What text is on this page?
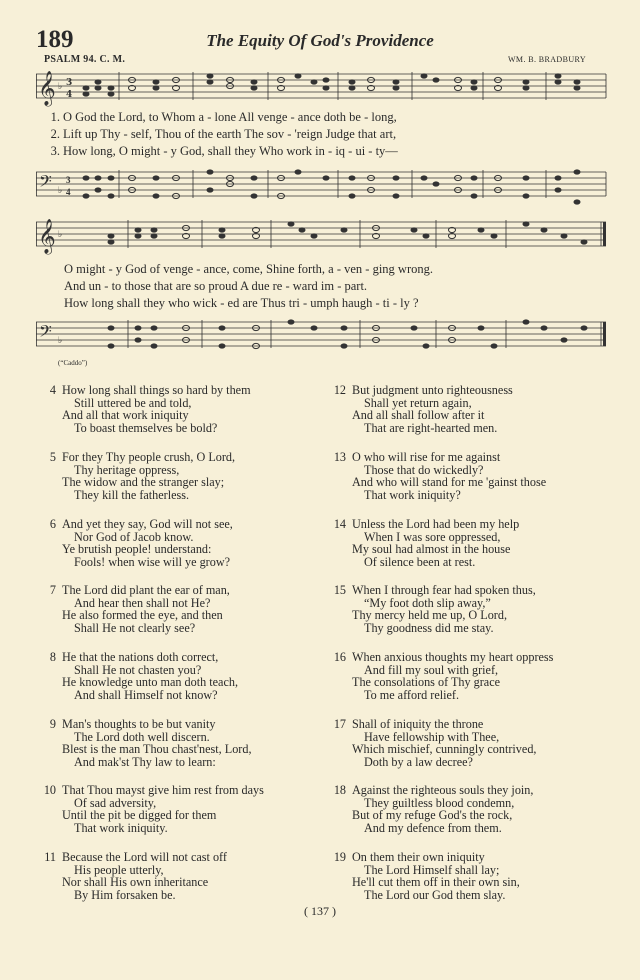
189	The Equity Of God's Providence
PSALM 94. C. M.	WM. B. BRADBURY
𝄞 ♭ 3
4
1. O God the Lord, to Whom a - lone All venge - ance doth be - long,
2. Lift up Thy - self, Thou of the earth The sov - 'reign Judge that art,
3. How long, O might - y God, shall they Who work in - iq - ui - ty—
𝄢 ♭
3
4
𝄞 ♭
O might - y God of venge - ance, come, Shine forth, a - ven - ging wrong.
And un - to those that are so proud A due re - ward im - part.
How long shall they who wick - ed are Thus tri - umph haugh - ti - ly ?
𝄢 ♭
(“Caddo”)
4 How long shall things so hard by them
Still uttered be and told,
And all that work iniquity
To boast themselves be bold?
5 For they Thy people crush, O Lord,
Thy heritage oppress,
The widow and the stranger slay;
They kill the fatherless.
6 And yet they say, God will not see,
Nor God of Jacob know.
Ye brutish people! understand:
Fools! when wise will ye grow?
7 The Lord did plant the ear of man,
And hear then shall not He?
He also formed the eye, and then
Shall He not clearly see?
8 He that the nations doth correct,
Shall He not chasten you?
He knowledge unto man doth teach,
And shall Himself not know?
9 Man's thoughts to be but vanity
The Lord doth well discern.
Blest is the man Thou chast'nest, Lord,
And mak'st Thy law to learn:
10 That Thou mayst give him rest from days
Of sad adversity,
Until the pit be digged for them
That work iniquity.
11 Because the Lord will not cast off
His people utterly,
Nor shall His own inheritance
By Him forsaken be.
12 But judgment unto righteousness
Shall yet return again,
And all shall follow after it
That are right-hearted men.
13 O who will rise for me against
Those that do wickedly?
And who will stand for me 'gainst those
That work iniquity?
14 Unless the Lord had been my help
When I was sore oppressed,
My soul had almost in the house
Of silence been at rest.
15 When I through fear had spoken thus,
“My foot doth slip away,”
Thy mercy held me up, O Lord,
Thy goodness did me stay.
16 When anxious thoughts my heart oppress
And fill my soul with grief,
The consolations of Thy grace
To me afford relief.
17 Shall of iniquity the throne
Have fellowship with Thee,
Which mischief, cunningly contrived,
Doth by a law decree?
18 Against the righteous souls they join,
They guiltless blood condemn,
But of my refuge God's the rock,
And my defence from them.
19 On them their own iniquity
The Lord Himself shall lay;
He'll cut them off in their own sin,
The Lord our God them slay.
( 137 )
